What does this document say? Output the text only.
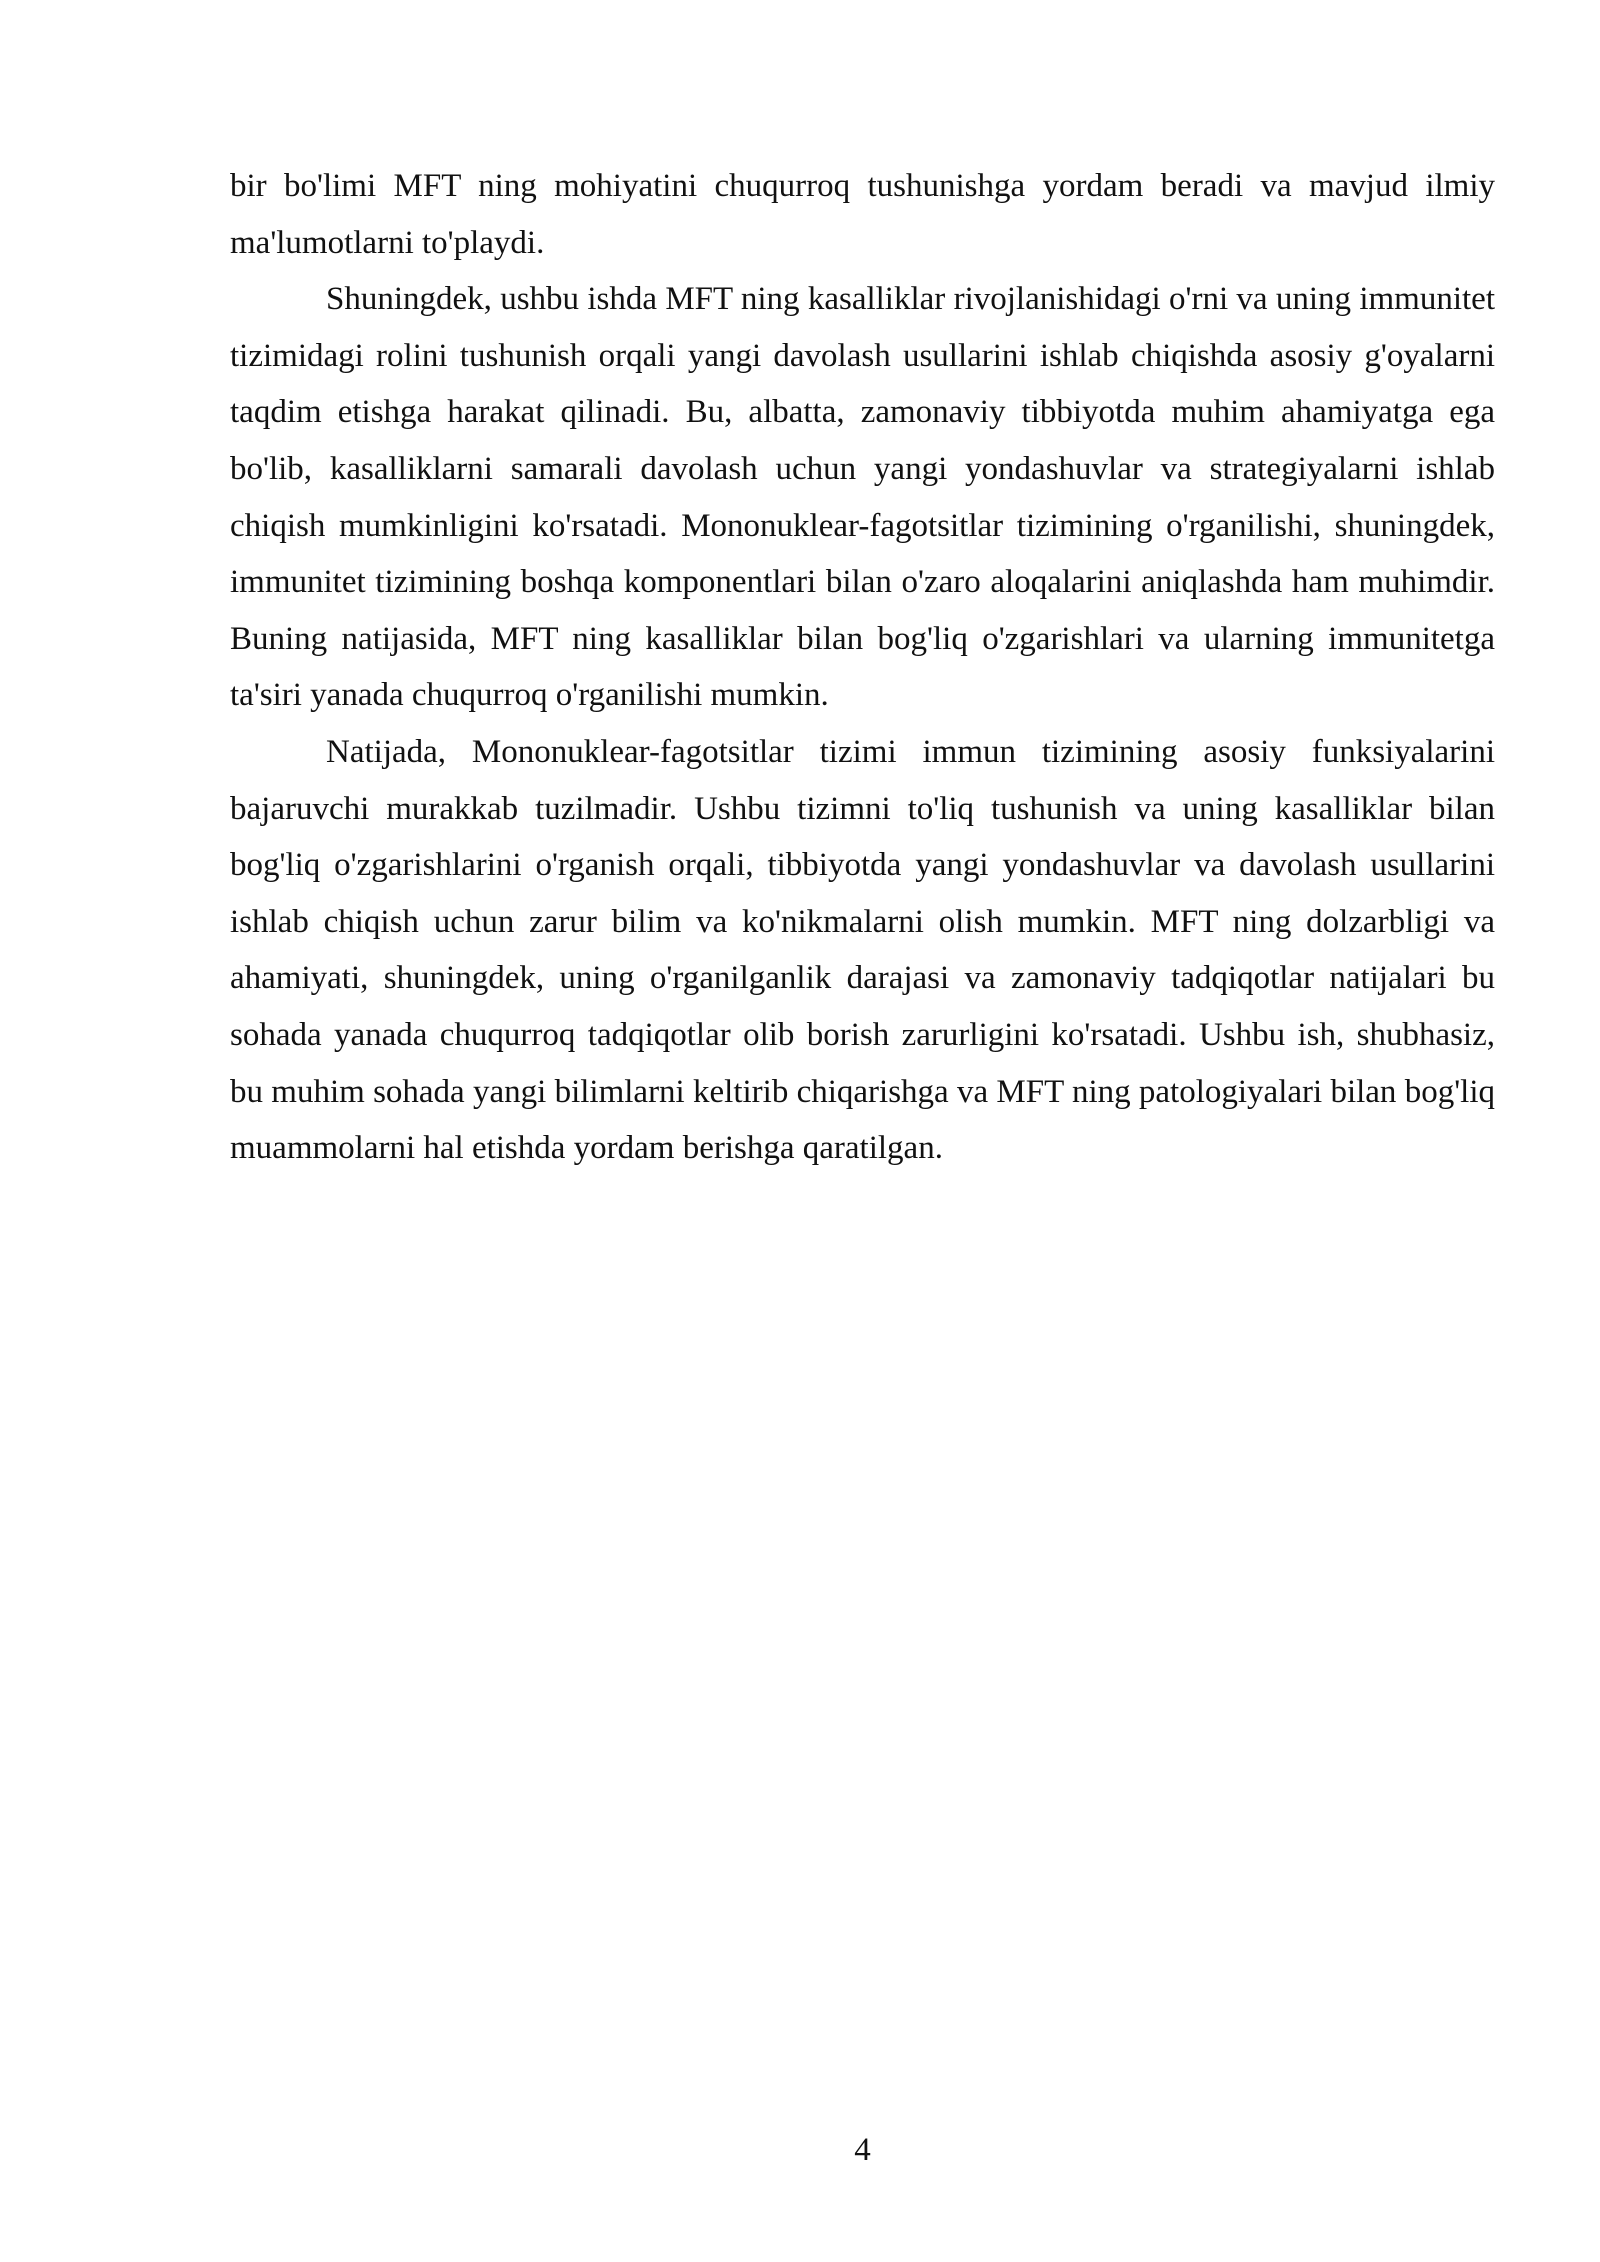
bir bo'limi MFT ning mohiyatini chuqurroq tushunishga yordam beradi va mavjud ilmiy ma'lumotlarni to'playdi.

Shuningdek, ushbu ishda MFT ning kasalliklar rivojlanishidagi o'rni va uning immunitet tizimidagi rolini tushunish orqali yangi davolash usullarini ishlab chiqishda asosiy g'oyalarni taqdim etishga harakat qilinadi. Bu, albatta, zamonaviy tibbiyotda muhim ahamiyatga ega bo'lib, kasalliklarni samarali davolash uchun yangi yondashuvlar va strategiyalarni ishlab chiqish mumkinligini ko'rsatadi. Mononuklear-fagotsitlar tizimining o'rganilishi, shuningdek, immunitet tizimining boshqa komponentlari bilan o'zaro aloqalarini aniqlashda ham muhimdir. Buning natijasida, MFT ning kasalliklar bilan bog'liq o'zgarishlari va ularning immunitetga ta'siri yanada chuqurroq o'rganilishi mumkin.

Natijada, Mononuklear-fagotsitlar tizimi immun tizimining asosiy funksiyalarini bajaruvchi murakkab tuzilmadir. Ushbu tizimni to'liq tushunish va uning kasalliklar bilan bog'liq o'zgarishlarini o'rganish orqali, tibbiyotda yangi yondashuvlar va davolash usullarini ishlab chiqish uchun zarur bilim va ko'nikmalarni olish mumkin. MFT ning dolzarbligi va ahamiyati, shuningdek, uning o'rganilganlik darajasi va zamonaviy tadqiqotlar natijalari bu sohada yanada chuqurroq tadqiqotlar olib borish zarurligini ko'rsatadi. Ushbu ish, shubhasiz, bu muhim sohada yangi bilimlarni keltirib chiqarishga va MFT ning patologiyalari bilan bog'liq muammolarni hal etishda yordam berishga qaratilgan.

4
